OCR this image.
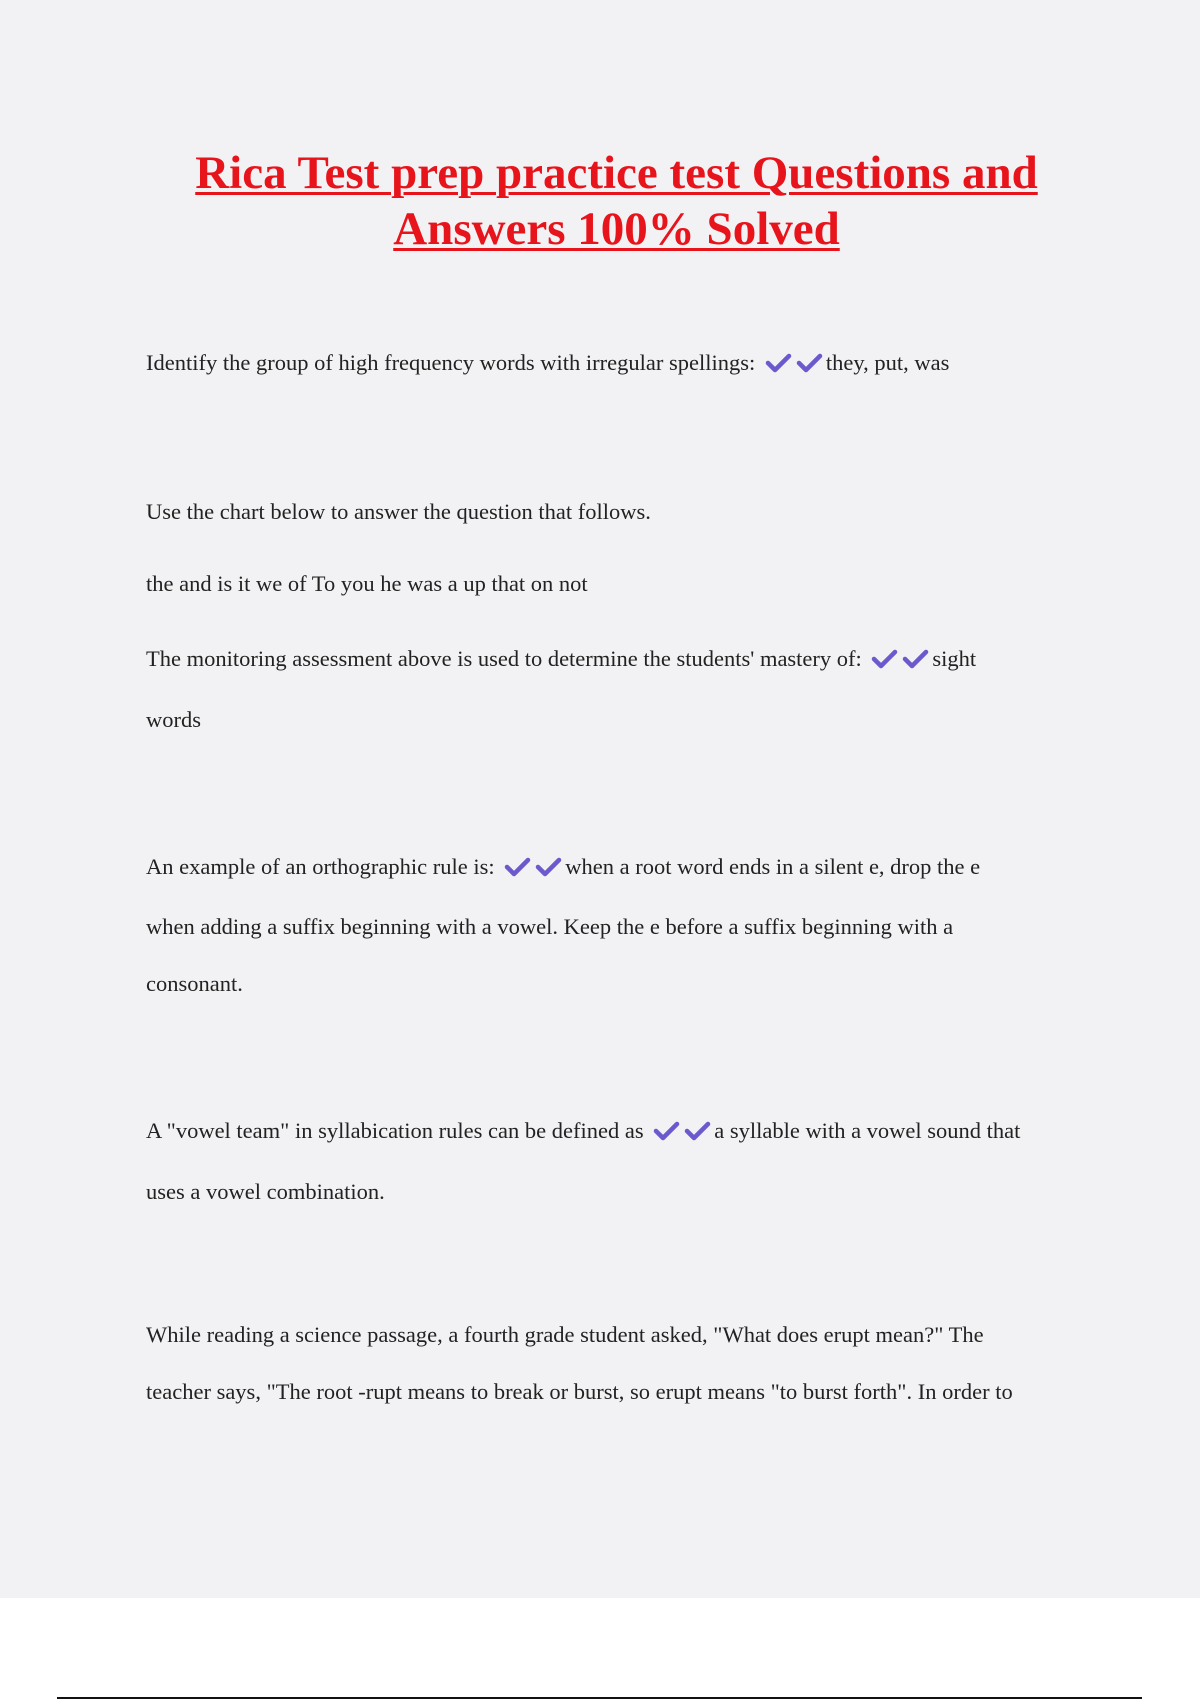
Rica Test prep practice test Questions and
Answers 100% Solved

Identify the group of high frequency words with irregular spellings:	they, put, was

Use the chart below to answer the question that follows.

the and is it we of To you he was a up that on not

The monitoring assessment above is used to determine the students' mastery of:	sight

words

An example of an orthographic rule is:	when a root word ends in a silent e, drop the e

when adding a suffix beginning with a vowel. Keep the e before a suffix beginning with a

consonant.

A "vowel team" in syllabication rules can be defined as	a syllable with a vowel sound that

uses a vowel combination.

While reading a science passage, a fourth grade student asked, "What does erupt mean?" The

teacher says, "The root -rupt means to break or burst, so erupt means "to burst forth". In order to
